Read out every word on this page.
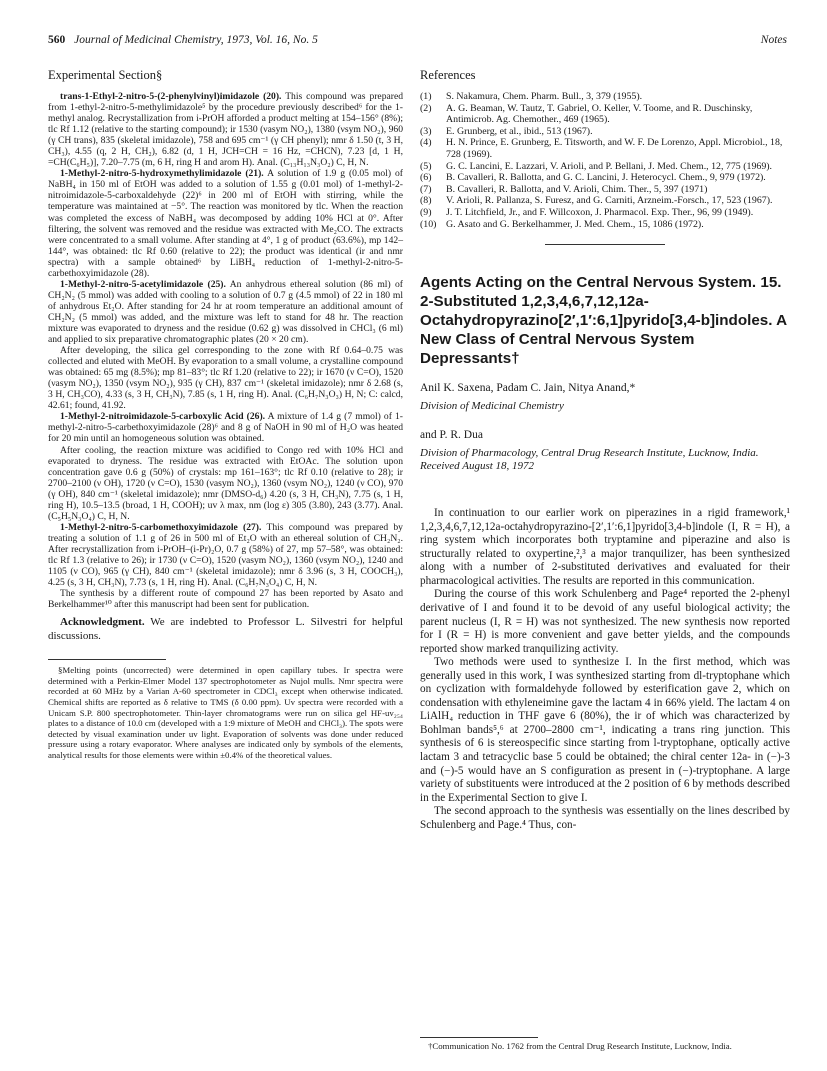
560 Journal of Medicinal Chemistry, 1973, Vol. 16, No. 5	Notes
Experimental Section§

trans-1-Ethyl-2-nitro-5-(2-phenylvinyl)imidazole (20). This compound was prepared from 1-ethyl-2-nitro-5-methylimidazole⁵ by the procedure previously described⁶ for the 1-methyl analog. Recrystallization from i-PrOH afforded a product melting at 154–156° (8%); tlc Rf 1.12 (relative to the starting compound); ir 1530 (νasym NO₂), 1380 (νsym NO₂), 960 (γ CH trans), 835 (skeletal imidazole), 758 and 695 cm⁻¹ (γ CH phenyl); nmr δ 1.50 (t, 3 H, CH₃), 4.55 (q, 2 H, CH₂), 6.82 (d, 1 H, JCH=CH = 16 Hz, =CHCN), 7.23 [d, 1 H, =CH(C₆H₅)], 7.20–7.75 (m, 6 H, ring H and arom H). Anal. (C₁₃H₁₃N₃O₂) C, H, N.

1-Methyl-2-nitro-5-hydroxymethylimidazole (21). A solution of 1.9 g (0.05 mol) of NaBH₄ in 150 ml of EtOH was added to a solution of 1.55 g (0.01 mol) of 1-methyl-2-nitroimidazole-5-carboxaldehyde (22)⁶ in 200 ml of EtOH with stirring, while the temperature was maintained at −5°. The reaction was monitored by tlc. When the reaction was completed the excess of NaBH₄ was decomposed by adding 10% HCl at 0°. After filtering, the solvent was removed and the residue was extracted with Me₂CO. The extracts were concentrated to a small volume. After standing at 4°, 1 g of product (63.6%), mp 142–144°, was obtained: tlc Rf 0.60 (relative to 22); the product was identical (ir and nmr spectra) with a sample obtained⁶ by LiBH₄ reduction of 1-methyl-2-nitro-5-carbethoxyimidazole (28).

1-Methyl-2-nitro-5-acetylimidazole (25). An anhydrous ethereal solution (86 ml) of CH₂N₂ (5 mmol) was added with cooling to a solution of 0.7 g (4.5 mmol) of 22 in 180 ml of anhydrous Et₂O. After standing for 24 hr at room temperature an additional amount of CH₂N₂ (5 mmol) was added, and the mixture was left to stand for 48 hr. The reaction mixture was evaporated to dryness and the residue (0.62 g) was dissolved in CHCl₃ (6 ml) and applied to six preparative chromatographic plates (20 × 20 cm).

After developing, the silica gel corresponding to the zone with Rf 0.64–0.75 was collected and eluted with MeOH. By evaporation to a small volume, a crystalline compound was obtained: 65 mg (8.5%); mp 81–83°; tlc Rf 1.20 (relative to 22); ir 1670 (ν C=O), 1520 (νasym NO₂), 1350 (νsym NO₂), 935 (γ CH), 837 cm⁻¹ (skeletal imidazole); nmr δ 2.68 (s, 3 H, CH₃CO), 4.33 (s, 3 H, CH₃N), 7.85 (s, 1 H, ring H). Anal. (C₆H₇N₃O₃) H, N; C: calcd, 42.61; found, 41.92.

1-Methyl-2-nitroimidazole-5-carboxylic Acid (26). A mixture of 1.4 g (7 mmol) of 1-methyl-2-nitro-5-carbethoxyimidazole (28)⁶ and 8 g of NaOH in 90 ml of H₂O was heated for 20 min until an homogeneous solution was obtained.

After cooling, the reaction mixture was acidified to Congo red with 10% HCl and evaporated to dryness. The residue was extracted with EtOAc. The solution upon concentration gave 0.6 g (50%) of crystals: mp 161–163°; tlc Rf 0.10 (relative to 28); ir 2700–2100 (ν OH), 1720 (ν C=O), 1530 (νasym NO₂), 1360 (νsym NO₂), 1240 (ν CO), 970 (γ OH), 840 cm⁻¹ (skeletal imidazole); nmr (DMSO-d₆) 4.20 (s, 3 H, CH₃N), 7.75 (s, 1 H, ring H), 10.5–13.5 (broad, 1 H, COOH); uv λ max, nm (log ε) 305 (3.80), 243 (3.77). Anal. (C₅H₅N₃O₄) C, H, N.

1-Methyl-2-nitro-5-carbomethoxyimidazole (27). This compound was prepared by treating a solution of 1.1 g of 26 in 500 ml of Et₂O with an ethereal solution of CH₂N₂. After recrystallization from i-PrOH–(i-Pr)₂O, 0.7 g (58%) of 27, mp 57–58°, was obtained: tlc Rf 1.3 (relative to 26); ir 1730 (ν C=O), 1520 (νasym NO₂), 1360 (νsym NO₂), 1240 and 1105 (ν CO), 965 (γ CH), 840 cm⁻¹ (skeletal imidazole); nmr δ 3.96 (s, 3 H, COOCH₃), 4.25 (s, 3 H, CH₃N), 7.73 (s, 1 H, ring H). Anal. (C₆H₇N₃O₄) C, H, N.

The synthesis by a different route of compound 27 has been reported by Asato and Berkelhammer¹⁰ after this manuscript had been sent for publication.

Acknowledgment. We are indebted to Professor L. Silvestri for helpful discussions.

§Melting points (uncorrected) were determined in open capillary tubes. Ir spectra were determined with a Perkin-Elmer Model 137 spectrophotometer as Nujol mulls. Nmr spectra were recorded at 60 MHz by a Varian A-60 spectrometer in CDCl₃ except when otherwise indicated. Chemical shifts are reported as δ relative to TMS (δ 0.00 ppm). Uv spectra were recorded with a Unicam S.P. 800 spectrophotometer. Thin-layer chromatograms were run on silica gel HF-uv₂₅₄ plates to a distance of 10.0 cm (developed with a 1:9 mixture of MeOH and CHCl₃). The spots were detected by visual examination under uv light. Evaporation of solvents was done under reduced pressure using a rotary evaporator. Where analyses are indicated only by symbols of the elements, analytical results for those elements were within ±0.4% of the theoretical values.

References
(1) S. Nakamura, Chem. Pharm. Bull., 3, 379 (1955).
(2) A. G. Beaman, W. Tautz, T. Gabriel, O. Keller, V. Toome, and R. Duschinsky, Antimicrob. Ag. Chemother., 469 (1965).
(3) E. Grunberg, et al., ibid., 513 (1967).
(4) H. N. Prince, E. Grunberg, E. Titsworth, and W. F. De Lorenzo, Appl. Microbiol., 18, 728 (1969).
(5) G. C. Lancini, E. Lazzari, V. Arioli, and P. Bellani, J. Med. Chem., 12, 775 (1969).
(6) B. Cavalleri, R. Ballotta, and G. C. Lancini, J. Heterocycl. Chem., 9, 979 (1972).
(7) B. Cavalleri, R. Ballotta, and V. Arioli, Chim. Ther., 5, 397 (1971)
(8) V. Arioli, R. Pallanza, S. Furesz, and G. Carniti, Arzneim.-Forsch., 17, 523 (1967).
(9) J. T. Litchfield, Jr., and F. Willcoxon, J. Pharmacol. Exp. Ther., 96, 99 (1949).
(10) G. Asato and G. Berkelhammer, J. Med. Chem., 15, 1086 (1972).
Agents Acting on the Central Nervous System. 15. 2-Substituted 1,2,3,4,6,7,12,12a-Octahydropyrazino[2′,1′:6,1]pyrido[3,4-b]indoles. A New Class of Central Nervous System Depressants†
Anil K. Saxena, Padam C. Jain, Nitya Anand,*
Division of Medicinal Chemistry
and P. R. Dua
Division of Pharmacology, Central Drug Research Institute, Lucknow, India. Received August 18, 1972

In continuation to our earlier work on piperazines in a rigid framework,¹ 1,2,3,4,6,7,12,12a-octahydropyrazino-[2′,1′:6,1]pyrido[3,4-b]indole (I, R = H), a ring system which incorporates both tryptamine and piperazine and also is structurally related to oxypertine,²,³ a major tranquilizer, has been synthesized along with a number of 2-substituted derivatives and evaluated for their pharmacological activities. The results are reported in this communication.

During the course of this work Schulenberg and Page⁴ reported the 2-phenyl derivative of I and found it to be devoid of any useful biological activity; the parent nucleus (I, R = H) was not synthesized. The new synthesis now reported for I (R = H) is more convenient and gave better yields, and the compounds reported show marked tranquilizing activity.

Two methods were used to synthesize I. In the first method, which was generally used in this work, I was synthesized starting from dl-tryptophane which on cyclization with formaldehyde followed by esterification gave 2, which on condensation with ethyleneimine gave the lactam 4 in 66% yield. The lactam 4 on LiAlH₄ reduction in THF gave 6 (80%), the ir of which was characterized by Bohlman bands⁵,⁶ at 2700–2800 cm⁻¹, indicating a trans ring junction. This synthesis of 6 is stereospecific since starting from l-tryptophane, optically active lactam 3 and tetracyclic base 5 could be obtained; the chiral center 12a- in (−)-3 and (−)-5 would have an S configuration as present in (−)-tryptophane. A large variety of substituents were introduced at the 2 position of 6 by methods described in the Experimental Section to give I.

The second approach to the synthesis was essentially on the lines described by Schulenberg and Page.⁴ Thus, con-

†Communication No. 1762 from the Central Drug Research Institute, Lucknow, India.
